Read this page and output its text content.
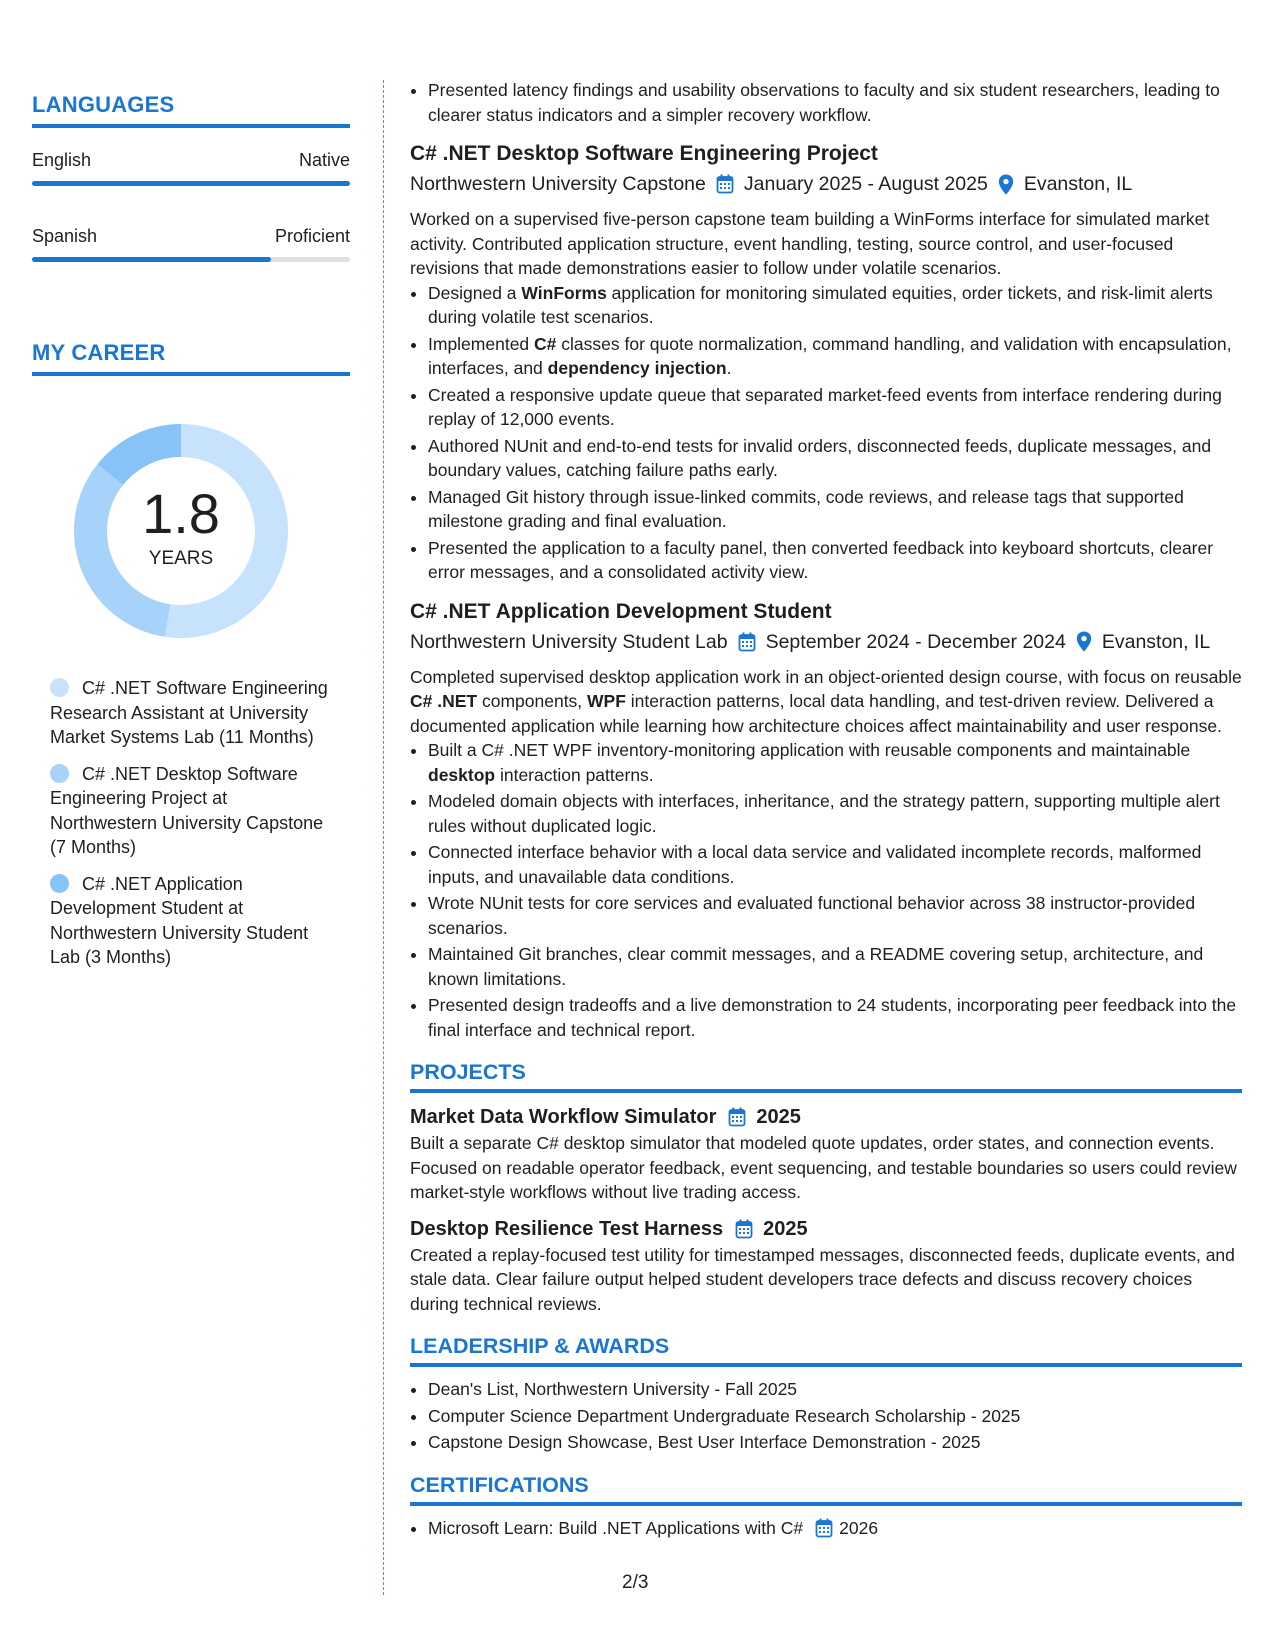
LANGUAGES
English	Native
Spanish	Proficient
MY CAREER
1.8
YEARS
C# .NET Software Engineering Research Assistant at University Market Systems Lab (11 Months)
C# .NET Desktop Software Engineering Project at Northwestern University Capstone (7 Months)
C# .NET Application Development Student at Northwestern University Student Lab (3 Months)
• Presented latency findings and usability observations to faculty and six student researchers, leading to clearer status indicators and a simpler recovery workflow.
C# .NET Desktop Software Engineering Project
Northwestern University Capstone January 2025 - August 2025 Evanston, IL

Worked on a supervised five-person capstone team building a WinForms interface for simulated market activity. Contributed application structure, event handling, testing, source control, and user-focused revisions that made demonstrations easier to follow under volatile scenarios.

• Designed a WinForms application for monitoring simulated equities, order tickets, and risk-limit alerts during volatile test scenarios.
• Implemented C# classes for quote normalization, command handling, and validation with encapsulation, interfaces, and dependency injection.
• Created a responsive update queue that separated market-feed events from interface rendering during replay of 12,000 events.
• Authored NUnit and end-to-end tests for invalid orders, disconnected feeds, duplicate messages, and boundary values, catching failure paths early.
• Managed Git history through issue-linked commits, code reviews, and release tags that supported milestone grading and final evaluation.
• Presented the application to a faculty panel, then converted feedback into keyboard shortcuts, clearer error messages, and a consolidated activity view.
C# .NET Application Development Student
Northwestern University Student Lab September 2024 - December 2024 Evanston, IL

Completed supervised desktop application work in an object-oriented design course, with focus on reusable C# .NET components, WPF interaction patterns, local data handling, and test-driven review. Delivered a documented application while learning how architecture choices affect maintainability and user response.

• Built a C# .NET WPF inventory-monitoring application with reusable components and maintainable desktop interaction patterns.
• Modeled domain objects with interfaces, inheritance, and the strategy pattern, supporting multiple alert rules without duplicated logic.
• Connected interface behavior with a local data service and validated incomplete records, malformed inputs, and unavailable data conditions.
• Wrote NUnit tests for core services and evaluated functional behavior across 38 instructor-provided scenarios.
• Maintained Git branches, clear commit messages, and a README covering setup, architecture, and known limitations.
• Presented design tradeoffs and a live demonstration to 24 students, incorporating peer feedback into the final interface and technical report.
PROJECTS
Market Data Workflow Simulator 2025

Built a separate C# desktop simulator that modeled quote updates, order states, and connection events. Focused on readable operator feedback, event sequencing, and testable boundaries so users could review market-style workflows without live trading access.

Desktop Resilience Test Harness 2025

Created a replay-focused test utility for timestamped messages, disconnected feeds, duplicate events, and stale data. Clear failure output helped student developers trace defects and discuss recovery choices during technical reviews.

LEADERSHIP & AWARDS
• Dean's List, Northwestern University - Fall 2025
• Computer Science Department Undergraduate Research Scholarship - 2025
• Capstone Design Showcase, Best User Interface Demonstration - 2025
CERTIFICATIONS
• Microsoft Learn: Build .NET Applications with C# 2026
2/3
